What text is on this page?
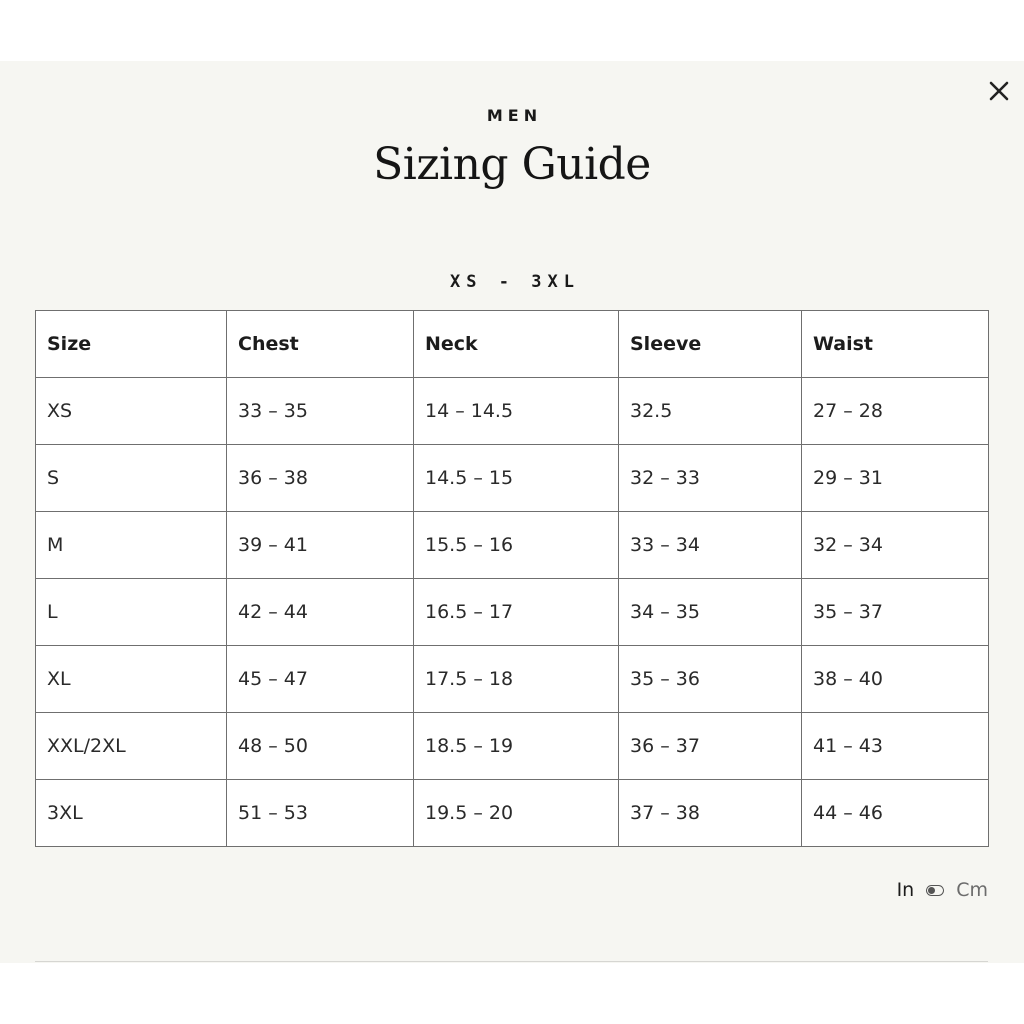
MEN
Sizing Guide
XS - 3XL
Size	Chest	Neck	Sleeve	Waist
XS	33 – 35	14 – 14.5	32.5	27 – 28
S	36 – 38	14.5 – 15	32 – 33	29 – 31
M	39 – 41	15.5 – 16	33 – 34	32 – 34
L	42 – 44	16.5 – 17	34 – 35	35 – 37
XL	45 – 47	17.5 – 18	35 – 36	38 – 40
XXL/2XL	48 – 50	18.5 – 19	36 – 37	41 – 43
3XL	51 – 53	19.5 – 20	37 – 38	44 – 46
In Cm
